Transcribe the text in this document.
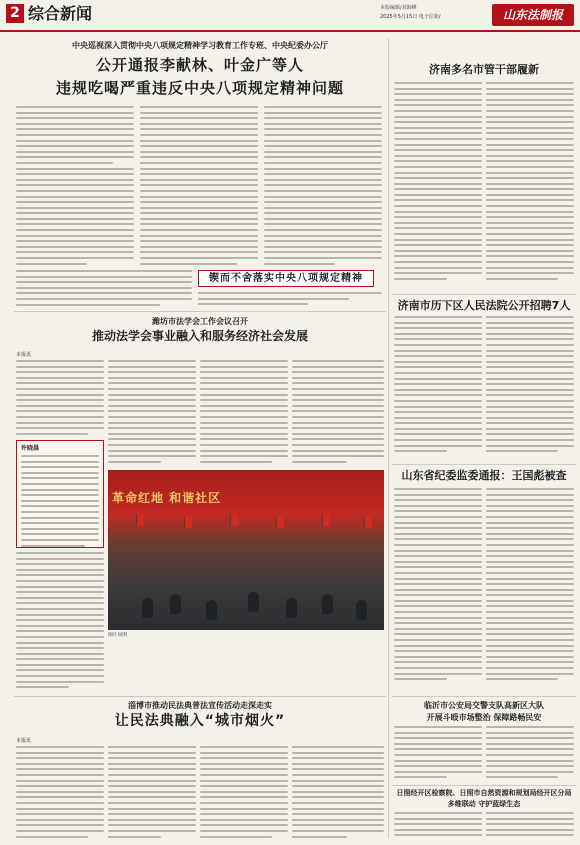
2 综合新闻	本版编辑/刘海峰
2025年5月15日 电子信箱/	山东法制报
中央巡视深入贯彻中央八项规定精神学习教育工作专班、中央纪委办公厅
公开通报李献林、叶金广等人
违规吃喝严重违反中央八项规定精神问题
锲而不舍落实中央八项规定精神
潍坊市法学会工作会议召开
推动法学会事业融入和服务经济社会发展
本报讯
许晓晨
革命红地 和谐社区
图片说明
淄博市推动民法典普法宣传活动走深走实
让民法典融入“城市烟火”
本报讯
济南多名市管干部履新
济南市历下区人民法院公开招聘7人
山东省纪委监委通报：王国彪被查
临沂市公安局交警支队高新区大队
开展斗殴市场整治 保障路畅民安
日照经开区检察院、日照市自然资源和规划局经开区分局
多维联动 守护蓝绿生态
